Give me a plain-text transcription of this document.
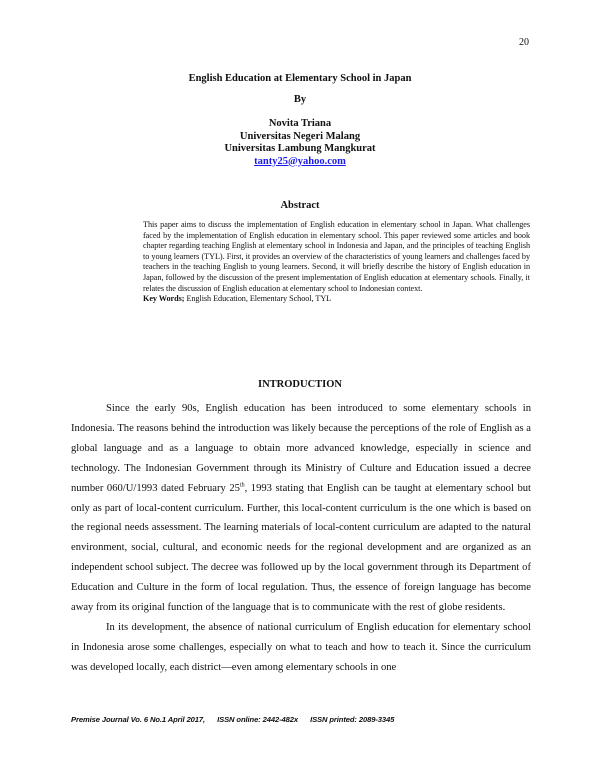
20
English Education at Elementary School in Japan
By
Novita Triana
Universitas Negeri Malang
Universitas Lambung Mangkurat
tanty25@yahoo.com
Abstract

This paper aims to discuss the implementation of English education in elementary school in Japan. What challenges faced by the implementation of English education in elementary school. This paper reviewed some articles and book chapter regarding teaching English at elementary school in Indonesia and Japan, and the principles of teaching English to young learners (TYL). First, it provides an overview of the characteristics of young learners and challenges faced by teachers in the teaching English to young learners. Second, it will briefly describe the history of English education in Japan, followed by the discussion of the present implementation of English education at elementary schools. Finally, it relates the discussion of English education at elementary school to Indonesian context.

Key Words; English Education, Elementary School, TYL

INTRODUCTION

Since the early 90s, English education has been introduced to some elementary schools in Indonesia. The reasons behind the introduction was likely because the perceptions of the role of English as a global language and as a language to obtain more advanced knowledge, especially in science and technology. The Indonesian Government through its Ministry of Culture and Education issued a decree number 060/U/1993 dated February 25th, 1993 stating that English can be taught at elementary school but only as part of local-content curriculum. Further, this local-content curriculum is the one which is based on the regional needs assessment. The learning materials of local-content curriculum are adapted to the natural environment, social, cultural, and economic needs for the regional development and are organized as an independent school subject. The decree was followed up by the local government through its Department of Education and Culture in the form of local regulation. Thus, the essence of foreign language has become away from its original function of the language that is to communicate with the rest of globe residents.

In its development, the absence of national curriculum of English education for elementary school in Indonesia arose some challenges, especially on what to teach and how to teach it. Since the curriculum was developed locally, each district—even among elementary schools in one

Premise Journal Vo. 6 No.1 April 2017, ISSN online: 2442-482x ISSN printed: 2089-3345
